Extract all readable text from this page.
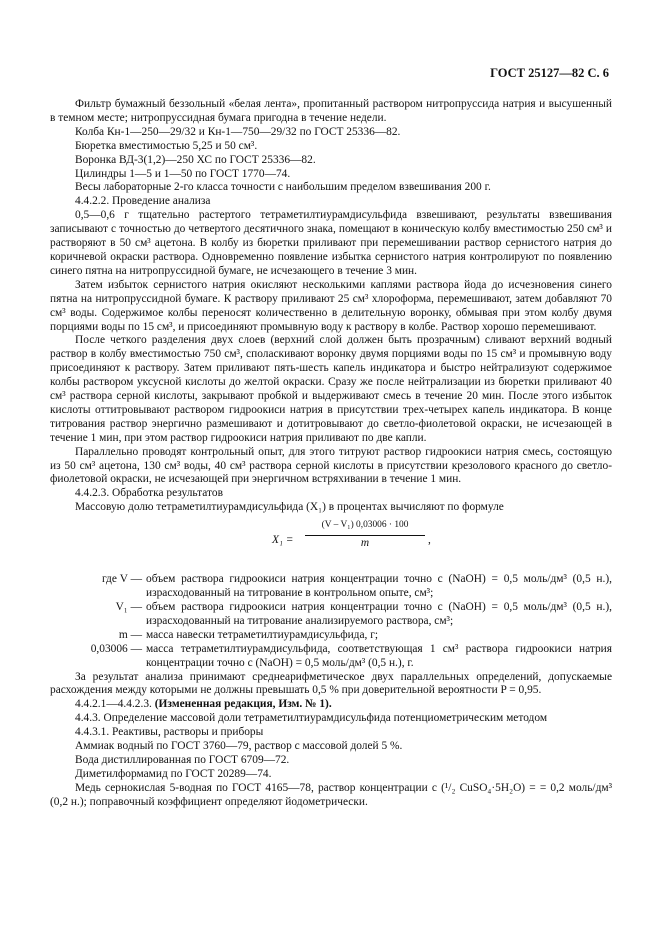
ГОСТ 25127—82 С. 6

Фильтр бумажный беззольный «белая лента», пропитанный раствором нитропруссида натрия и высушенный в темном месте; нитропруссидная бумага пригодна в течение недели.

Колба Кн-1—250—29/32 и Кн-1—750—29/32 по ГОСТ 25336—82.

Бюретка вместимостью 5,25 и 50 см³.

Воронка ВД-3(1,2)—250 ХС по ГОСТ 25336—82.

Цилиндры 1—5 и 1—50 по ГОСТ 1770—74.

Весы лабораторные 2-го класса точности с наибольшим пределом взвешивания 200 г.

4.4.2.2. Проведение анализа

0,5—0,6 г тщательно растертого тетраметилтиурамдисульфида взвешивают, результаты взвешивания записывают с точностью до четвертого десятичного знака, помещают в коническую колбу вместимостью 250 см³ и растворяют в 50 см³ ацетона. В колбу из бюретки приливают при перемешивании раствор сернистого натрия до коричневой окраски раствора. Одновременно появление избытка сернистого натрия контролируют по появлению синего пятна на нитропруссидной бумаге, не исчезающего в течение 3 мин.

Затем избыток сернистого натрия окисляют несколькими каплями раствора йода до исчезновения синего пятна на нитропруссидной бумаге. К раствору приливают 25 см³ хлороформа, перемешивают, затем добавляют 70 см³ воды. Содержимое колбы переносят количественно в делительную воронку, обмывая при этом колбу двумя порциями воды по 15 см³, и присоединяют промывную воду к раствору в колбе. Раствор хорошо перемешивают.

После четкого разделения двух слоев (верхний слой должен быть прозрачным) сливают верхний водный раствор в колбу вместимостью 750 см³, споласкивают воронку двумя порциями воды по 15 см³ и промывную воду присоединяют к раствору. Затем приливают пять-шесть капель индикатора и быстро нейтрализуют содержимое колбы раствором уксусной кислоты до желтой окраски. Сразу же после нейтрализации из бюретки приливают 40 см³ раствора серной кислоты, закрывают пробкой и выдерживают смесь в течение 20 мин. После этого избыток кислоты оттитровывают раствором гидроокиси натрия в присутствии трех-четырех капель индикатора. В конце титрования раствор энергично размешивают и дотитровывают до светло-фиолетовой окраски, не исчезающей в течение 1 мин, при этом раствор гидроокиси натрия приливают по две капли.

Параллельно проводят контрольный опыт, для этого титруют раствор гидроокиси натрия смесь, состоящую из 50 см³ ацетона, 130 см³ воды, 40 см³ раствора серной кислоты в присутствии крезолового красного до светло-фиолетовой окраски, не исчезающей при энергичном встряхивании в течение 1 мин.

4.4.2.3. Обработка результатов

Массовую долю тетраметилтиурамдисульфида (X₁) в процентах вычисляют по формуле

X₁ =
(V – V₁) 0,03006 · 100
m	,
где V — объем раствора гидроокиси натрия концентрации точно c (NaOH) = 0,5 моль/дм³ (0,5 н.), израсходованный на титрование в контрольном опыте, см³;
V₁ — объем раствора гидроокиси натрия концентрации точно c (NaOH) = 0,5 моль/дм³ (0,5 н.), израсходованный на титрование анализируемого раствора, см³;
m — масса навески тетраметилтиурамдисульфида, г;
0,03006 — масса тетраметилтиурамдисульфида, соответствующая 1 см³ раствора гидроокиси натрия концентрации точно c (NaOH) = 0,5 моль/дм³ (0,5 н.), г.

За результат анализа принимают среднеарифметическое двух параллельных определений, допускаемые расхождения между которыми не должны превышать 0,5 % при доверительной вероятности P = 0,95.

4.4.2.1—4.4.2.3. (Измененная редакция, Изм. № 1).

4.4.3. Определение массовой доли тетраметилтиурамдисульфида потенциометрическим методом

4.4.3.1. Реактивы, растворы и приборы

Аммиак водный по ГОСТ 3760—79, раствор с массовой долей 5 %.

Вода дистиллированная по ГОСТ 6709—72.

Диметилформамид по ГОСТ 20289—74.

Медь сернокислая 5-водная по ГОСТ 4165—78, раствор концентрации c (¹/₂ CuSO₄·5H₂O) = = 0,2 моль/дм³ (0,2 н.); поправочный коэффициент определяют йодометрически.
